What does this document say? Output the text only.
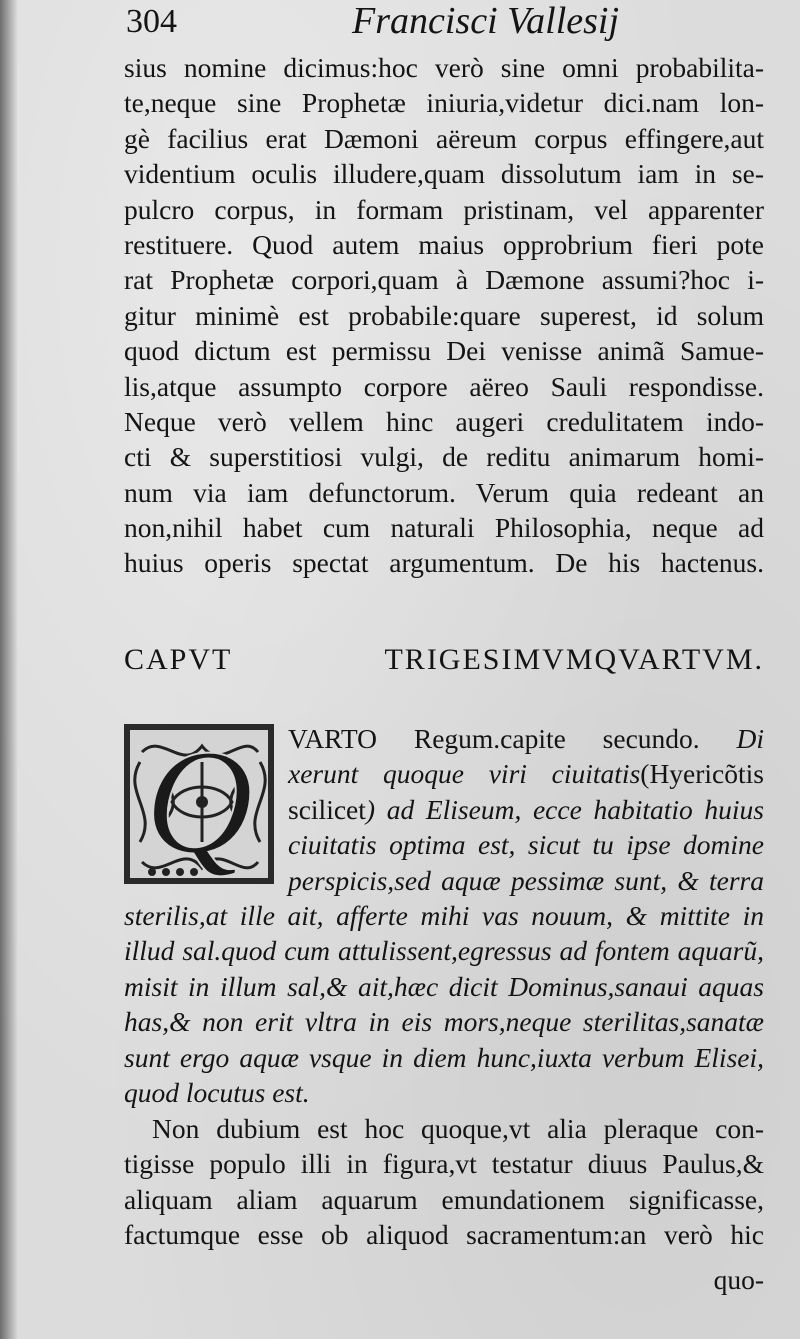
304	Francisci Vallesij
sius nomine dicimus:hoc verò sine omni probabilita-
te,neque sine Prophetæ iniuria,videtur dici.nam lon-
gè facilius erat Dæmoni aëreum corpus effingere,aut
videntium oculis illudere,quam dissolutum iam in se-
pulcro corpus, in formam pristinam, vel apparenter
restituere. Quod autem maius opprobrium fieri pote
rat Prophetæ corpori,quam à Dæmone assumi?hoc i-
gitur minimè est probabile:quare superest, id solum
quod dictum est permissu Dei venisse animã Samue-
lis,atque assumpto corpore aëreo Sauli respondisse.
Neque verò vellem hinc augeri credulitatem indo-
cti & superstitiosi vulgi, de reditu animarum homi-
num via iam defunctorum. Verum quia redeant an
non,nihil habet cum naturali Philosophia, neque ad
huius operis spectat argumentum. De his hactenus.
CAPVT TRIGESIMVMQVARTVM.
Q VARTO Regum.capite secundo. Di
xerunt quoque viri ciuitatis(Hyericõtis
scilicet) ad Eliseum, ecce habitatio huius
ciuitatis optima est, sicut tu ipse domine
perspicis,sed aquæ pessimæ sunt, & terra
sterilis,at ille ait, afferte mihi vas nouum, & mittite in
illud sal.quod cum attulissent,egressus ad fontem aquarũ,
misit in illum sal,& ait,hæc dicit Dominus,sanaui aquas
has,& non erit vltra in eis mors,neque sterilitas,sanatæ
sunt ergo aquæ vsque in diem hunc,iuxta verbum Elisei,
quod locutus est.
Non dubium est hoc quoque,vt alia pleraque con-
tigisse populo illi in figura,vt testatur diuus Paulus,&
aliquam aliam aquarum emundationem significasse,
factumque esse ob aliquod sacramentum:an verò hic
quo-
